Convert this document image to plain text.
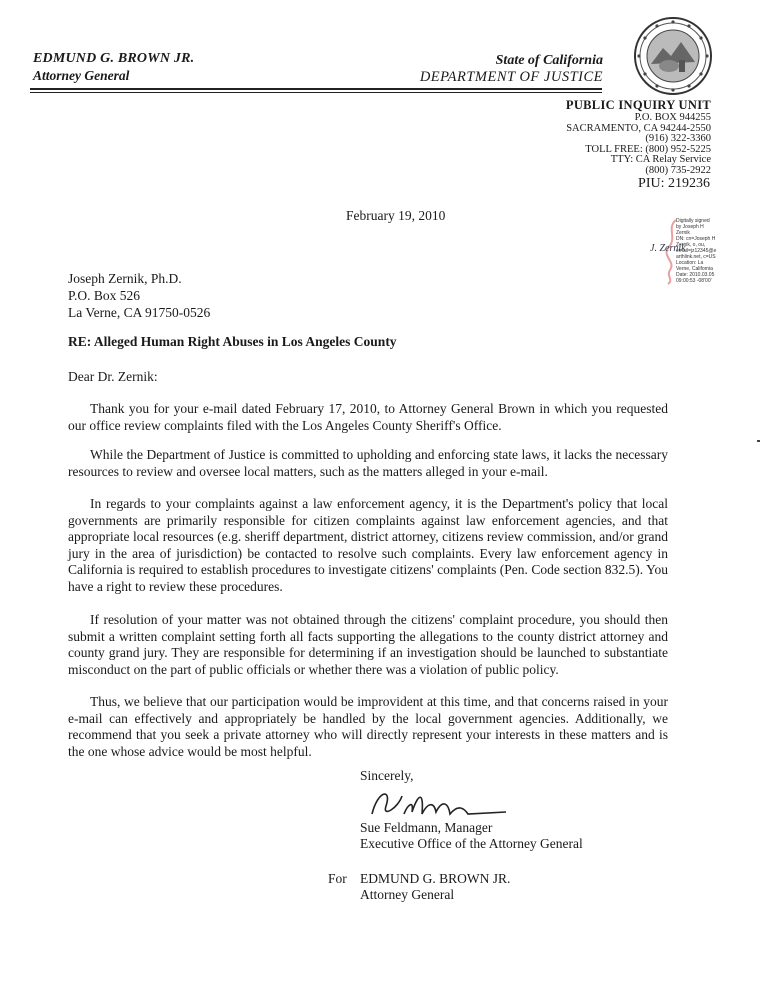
EDMUND G. BROWN JR.
Attorney General
State of California
DEPARTMENT OF JUSTICE
PUBLIC INQUIRY UNIT
P.O. BOX 944255
SACRAMENTO, CA 94244-2550
(916) 322-3360
TOLL FREE: (800) 952-5225
TTY: CA Relay Service
(800) 735-2922
PIU: 219236
February 19, 2010
J. Zernik
Digitally signed
by Joseph H
Zernik
DN: cn=Joseph H
Zernik, o, ou,
email=jz12345@e
arthlink.net, c=US
Location: La
Verne, California
Date: 2010.03.05
09:00:53 -08'00'
Joseph Zernik, Ph.D.
P.O. Box 526
La Verne, CA 91750-0526
RE: Alleged Human Right Abuses in Los Angeles County
Dear Dr. Zernik:
Thank you for your e-mail dated February 17, 2010, to Attorney General Brown in which you requested our office review complaints filed with the Los Angeles County Sheriff's Office.
While the Department of Justice is committed to upholding and enforcing state laws, it lacks the necessary resources to review and oversee local matters, such as the matters alleged in your e-mail.
In regards to your complaints against a law enforcement agency, it is the Department's policy that local governments are primarily responsible for citizen complaints against law enforcement agencies, and that appropriate local resources (e.g. sheriff department, district attorney, citizens review commission, and/or grand jury in the area of jurisdiction) be contacted to resolve such complaints. Every law enforcement agency in California is required to establish procedures to investigate citizens' complaints (Pen. Code section 832.5). You have a right to review these procedures.
If resolution of your matter was not obtained through the citizens' complaint procedure, you should then submit a written complaint setting forth all facts supporting the allegations to the county district attorney and county grand jury. They are responsible for determining if an investigation should be launched to substantiate misconduct on the part of public officials or whether there was a violation of public policy.
Thus, we believe that our participation would be improvident at this time, and that concerns raised in your e-mail can effectively and appropriately be handled by the local government agencies. Additionally, we recommend that you seek a private attorney who will directly represent your interests in these matters and is the one whose advice would be most helpful.
Sincerely,
Sue Feldmann, Manager
Executive Office of the Attorney General
For EDMUND G. BROWN JR.
Attorney General
